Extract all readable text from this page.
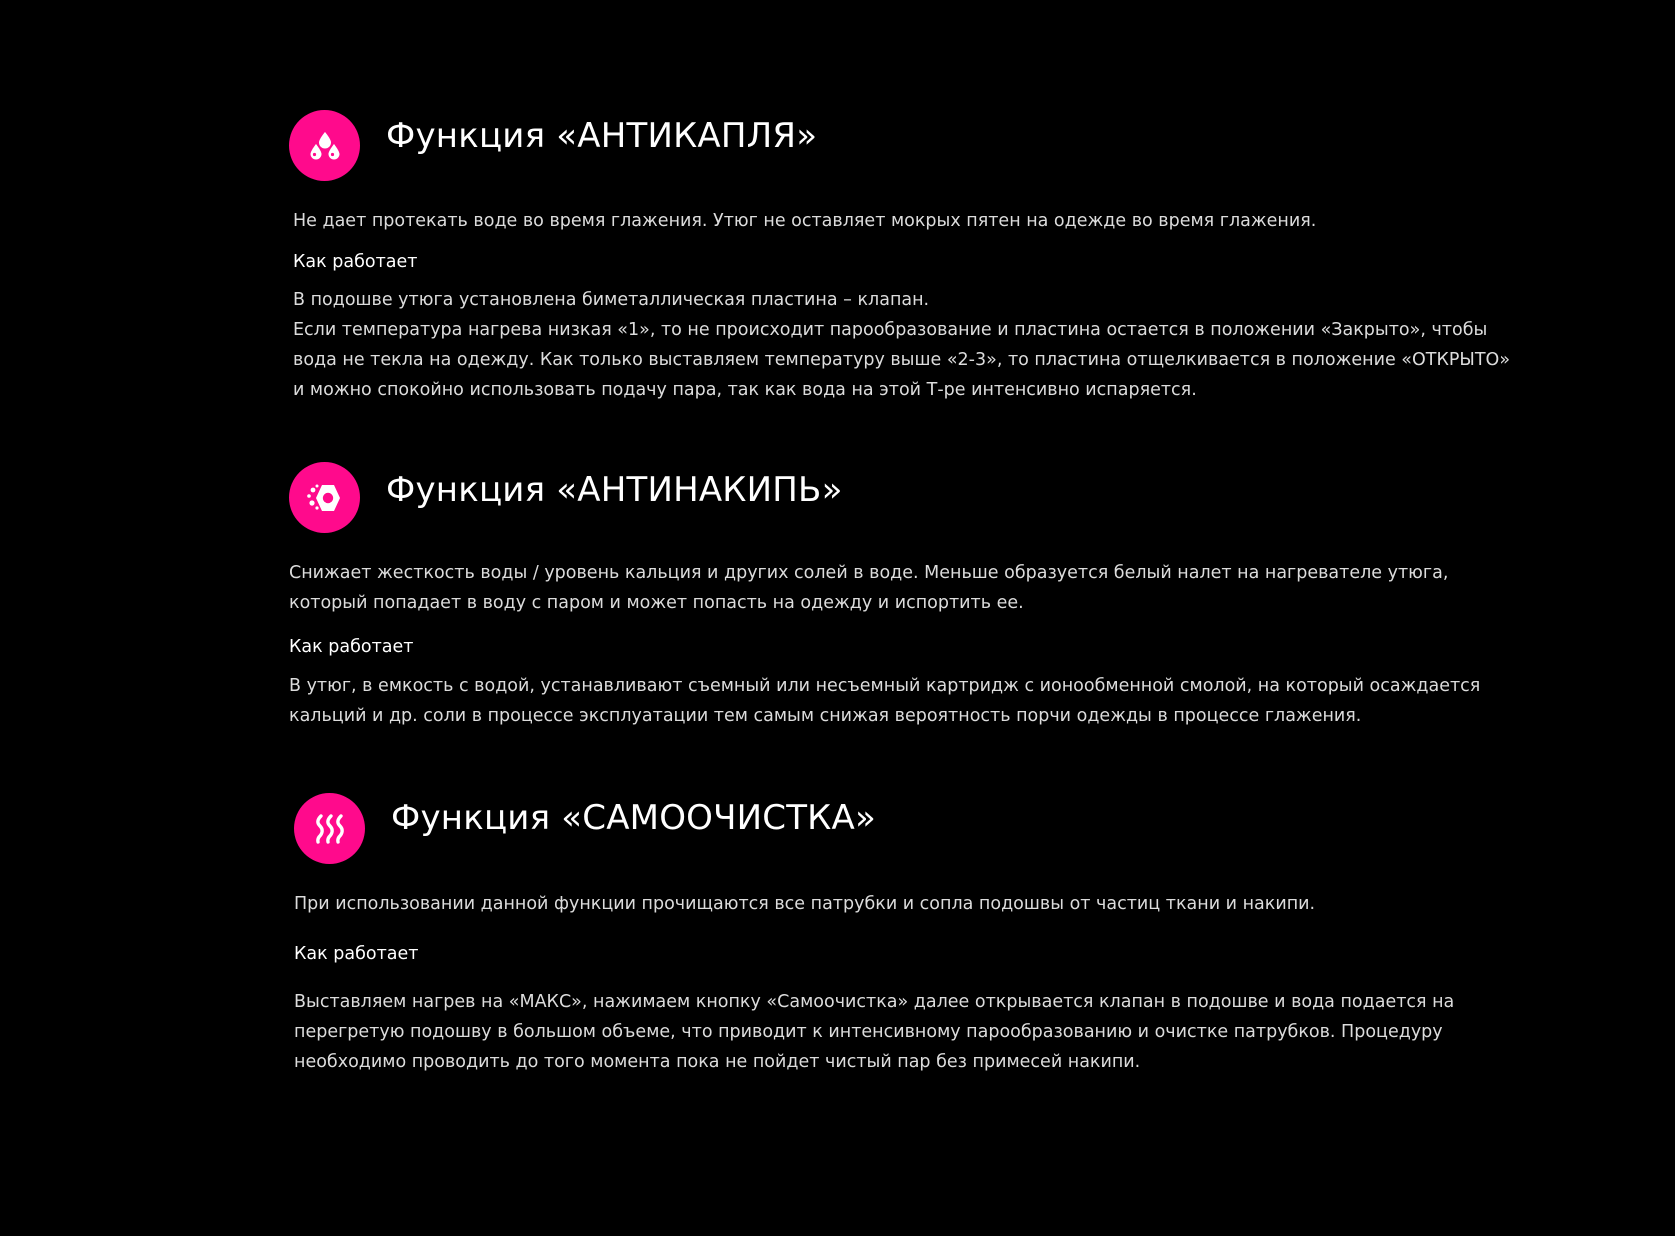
Функция «АНТИКАПЛЯ»

Не дает протекать воде во время глажения. Утюг не оставляет мокрых пятен на одежде во время глажения.

Как работает

В подошве утюга установлена биметаллическая пластина – клапан.

Если температура нагрева низкая «1», то не происходит парообразование и пластина остается в положении «Закрыто», чтобы

вода не текла на одежду. Как только выставляем температуру выше «2-3», то пластина отщелкивается в положение «ОТКРЫТО»

и можно спокойно использовать подачу пара, так как вода на этой Т-ре интенсивно испаряется.

Функция «АНТИНАКИПЬ»

Снижает жесткость воды / уровень кальция и других солей в воде. Меньше образуется белый налет на нагревателе утюга,

который попадает в воду с паром и может попасть на одежду и испортить ее.

Как работает

В утюг, в емкость с водой, устанавливают съемный или несъемный картридж с ионообменной смолой, на который осаждается

кальций и др. соли в процессе эксплуатации тем самым снижая вероятность порчи одежды в процессе глажения.

Функция «САМООЧИСТКА»

При использовании данной функции прочищаются все патрубки и сопла подошвы от частиц ткани и накипи.

Как работает

Выставляем нагрев на «МАКС», нажимаем кнопку «Самоочистка» далее открывается клапан в подошве и вода подается на

перегретую подошву в большом объеме, что приводит к интенсивному парообразованию и очистке патрубков. Процедуру

необходимо проводить до того момента пока не пойдет чистый пар без примесей накипи.
